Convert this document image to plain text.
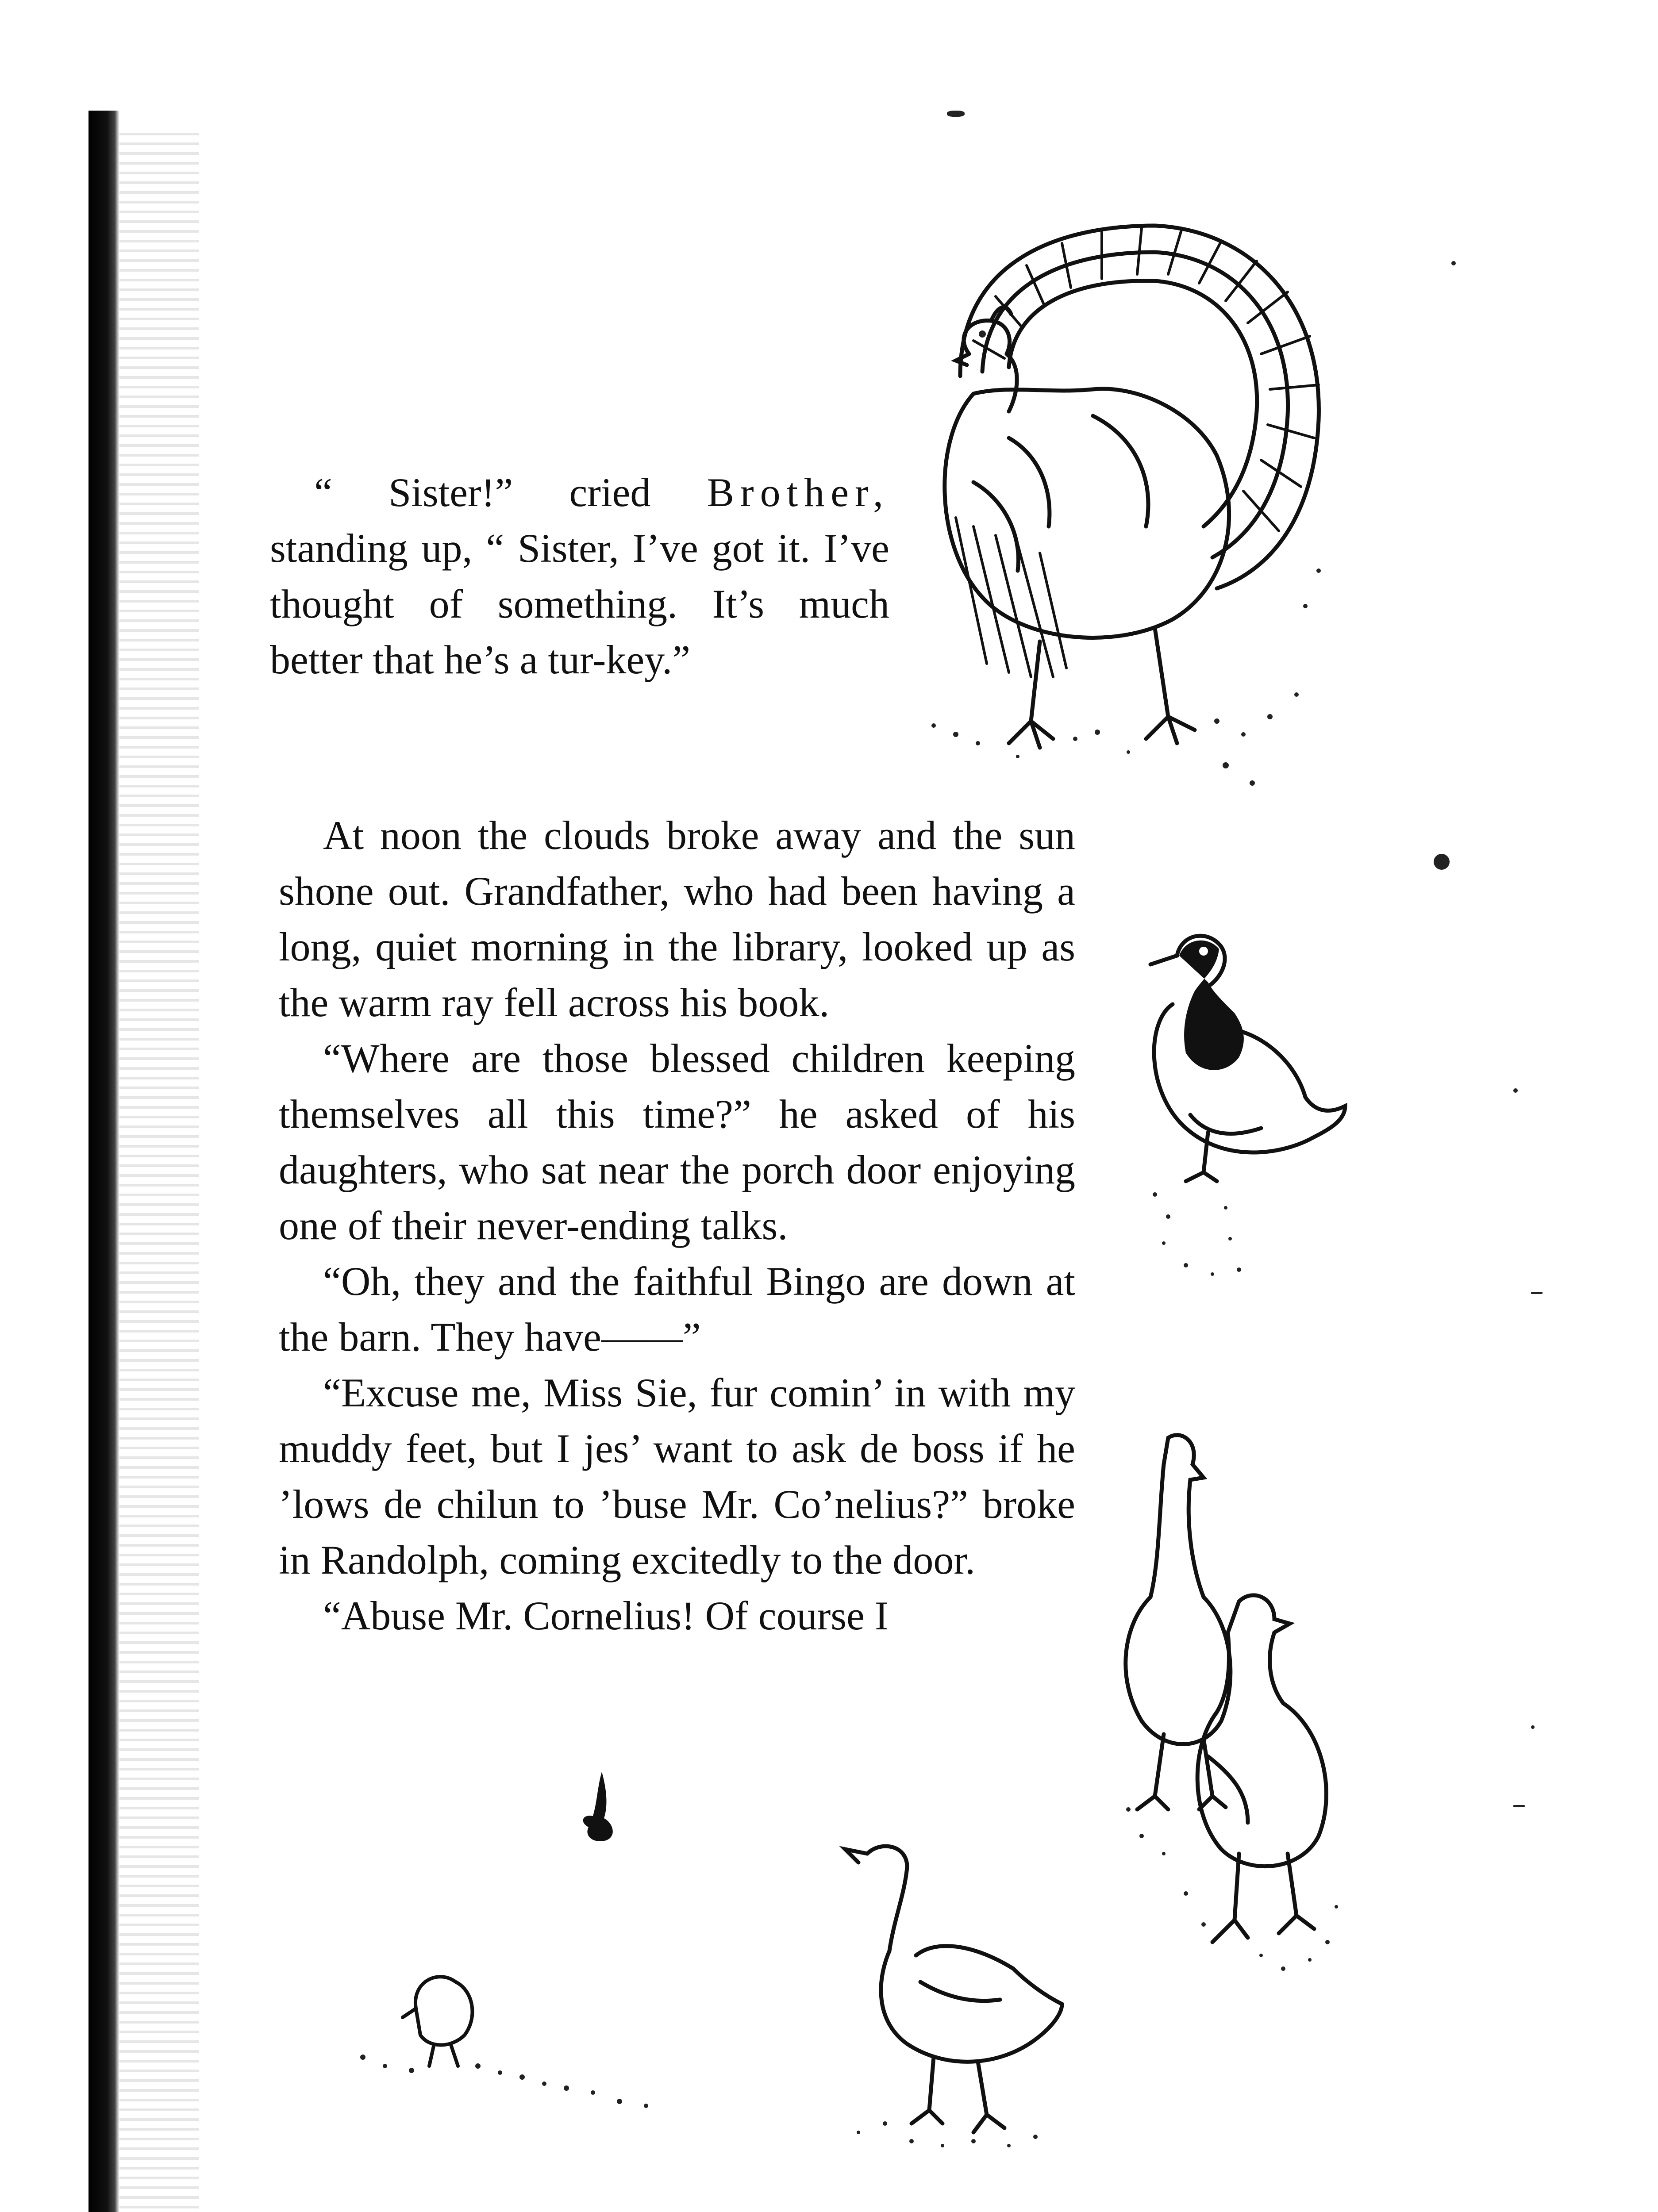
“ Sister!” cried Brother, standing up, “ Sister, I’ve got it. I’ve thought of something. It’s much better that he’s a tur-key.”

At noon the clouds broke away and the sun shone out. Grandfather, who had been having a long, quiet morning in the library, looked up as the warm ray fell across his book.

“Where are those blessed children keeping themselves all this time?” he asked of his daughters, who sat near the porch door enjoying one of their never-ending talks.

“Oh, they and the faithful Bingo are down at the barn. They have——”

“Excuse me, Miss Sie, fur comin’ in with my muddy feet, but I jes’ want to ask de boss if he ’lows de chilun to ’buse Mr. Co’nelius?” broke in Randolph, coming excitedly to the door.

“Abuse Mr. Cornelius! Of course I
